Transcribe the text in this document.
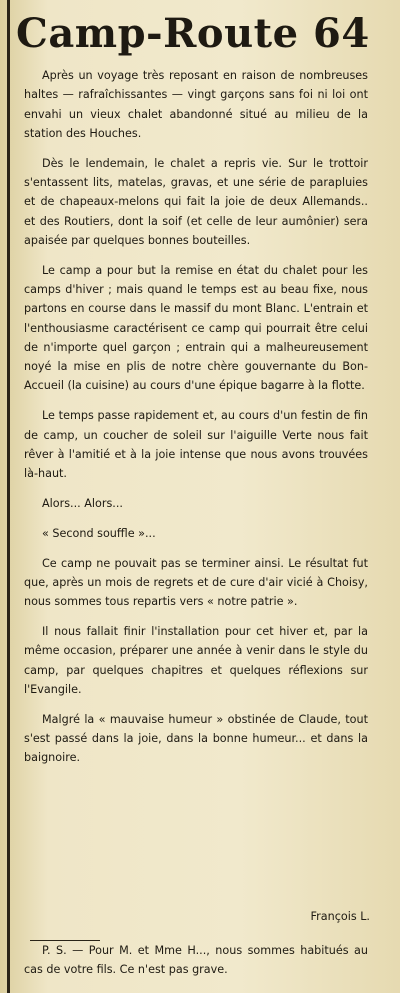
Camp-Route 64

Après un voyage très reposant en raison de nombreuses haltes — rafraîchissantes — vingt garçons sans foi ni loi ont envahi un vieux chalet abandonné situé au milieu de la station des Houches.

Dès le lendemain, le chalet a repris vie. Sur le trottoir s'entassent lits, matelas, gravas, et une série de parapluies et de chapeaux-melons qui fait la joie de deux Allemands.. et des Routiers, dont la soif (et celle de leur aumônier) sera apaisée par quelques bonnes bouteilles.

Le camp a pour but la remise en état du chalet pour les camps d'hiver ; mais quand le temps est au beau fixe, nous partons en course dans le massif du mont Blanc. L'entrain et l'enthousiasme caractérisent ce camp qui pourrait être celui de n'importe quel garçon ; entrain qui a malheureusement noyé la mise en plis de notre chère gouvernante du Bon-Accueil (la cuisine) au cours d'une épique bagarre à la flotte.

Le temps passe rapidement et, au cours d'un festin de fin de camp, un coucher de soleil sur l'aiguille Verte nous fait rêver à l'amitié et à la joie intense que nous avons trouvées là-haut.

Alors... Alors...

« Second souffle »...

Ce camp ne pouvait pas se terminer ainsi. Le résultat fut que, après un mois de regrets et de cure d'air vicié à Choisy, nous sommes tous repartis vers « notre patrie ».

Il nous fallait finir l'installation pour cet hiver et, par la même occasion, préparer une année à venir dans le style du camp, par quelques chapitres et quelques réflexions sur l'Evangile.

Malgré la « mauvaise humeur » obstinée de Claude, tout s'est passé dans la joie, dans la bonne humeur... et dans la baignoire.

François L.

P. S. — Pour M. et Mme H..., nous sommes habitués au cas de votre fils. Ce n'est pas grave.
